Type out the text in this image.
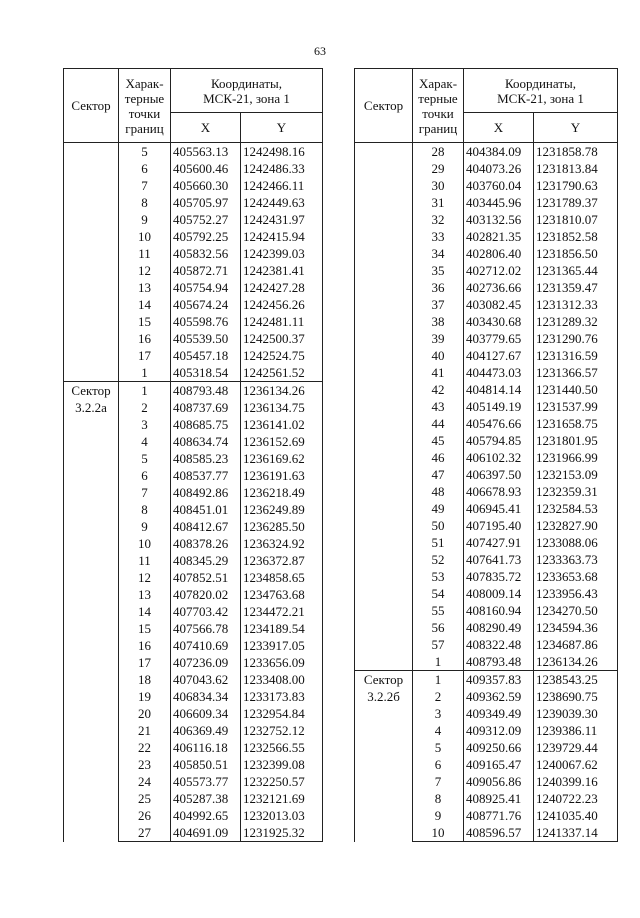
63
Сектор	Харак-
терные
точки
границ	Координаты,
МСК-21, зона 1	
		X	Y
	5	405563.13	1242498.16
	6	405600.46	1242486.33
	7	405660.30	1242466.11
	8	405705.97	1242449.63
	9	405752.27	1242431.97
	10	405792.25	1242415.94
	11	405832.56	1242399.03
	12	405872.71	1242381.41
	13	405754.94	1242427.28
	14	405674.24	1242456.26
	15	405598.76	1242481.11
	16	405539.50	1242500.37
	17	405457.18	1242524.75
	1	405318.54	1242561.52
Сектор
3.2.2а	1	408793.48	1236134.26
	2	408737.69	1236134.75
	3	408685.75	1236141.02
	4	408634.74	1236152.69
	5	408585.23	1236169.62
	6	408537.77	1236191.63
	7	408492.86	1236218.49
	8	408451.01	1236249.89
	9	408412.67	1236285.50
	10	408378.26	1236324.92
	11	408345.29	1236372.87
	12	407852.51	1234858.65
	13	407820.02	1234763.68
	14	407703.42	1234472.21
	15	407566.78	1234189.54
	16	407410.69	1233917.05
	17	407236.09	1233656.09
	18	407043.62	1233408.00
	19	406834.34	1233173.83
	20	406609.34	1232954.84
	21	406369.49	1232752.12
	22	406116.18	1232566.55
	23	405850.51	1232399.08
	24	405573.77	1232250.57
	25	405287.38	1232121.69
	26	404992.65	1232013.03
	27	404691.09	1231925.32
Сектор	Харак-
терные
точки
границ	Координаты,
МСК-21, зона 1	
		X	Y
	28	404384.09	1231858.78
	29	404073.26	1231813.84
	30	403760.04	1231790.63
	31	403445.96	1231789.37
	32	403132.56	1231810.07
	33	402821.35	1231852.58
	34	402806.40	1231856.50
	35	402712.02	1231365.44
	36	402736.66	1231359.47
	37	403082.45	1231312.33
	38	403430.68	1231289.32
	39	403779.65	1231290.76
	40	404127.67	1231316.59
	41	404473.03	1231366.57
	42	404814.14	1231440.50
	43	405149.19	1231537.99
	44	405476.66	1231658.75
	45	405794.85	1231801.95
	46	406102.32	1231966.99
	47	406397.50	1232153.09
	48	406678.93	1232359.31
	49	406945.41	1232584.53
	50	407195.40	1232827.90
	51	407427.91	1233088.06
	52	407641.73	1233363.73
	53	407835.72	1233653.68
	54	408009.14	1233956.43
	55	408160.94	1234270.50
	56	408290.49	1234594.36
	57	408322.48	1234687.86
	1	408793.48	1236134.26
Сектор
3.2.2б	1	409357.83	1238543.25
	2	409362.59	1238690.75
	3	409349.49	1239039.30
	4	409312.09	1239386.11
	5	409250.66	1239729.44
	6	409165.47	1240067.62
	7	409056.86	1240399.16
	8	408925.41	1240722.23
	9	408771.76	1241035.40
	10	408596.57	1241337.14
